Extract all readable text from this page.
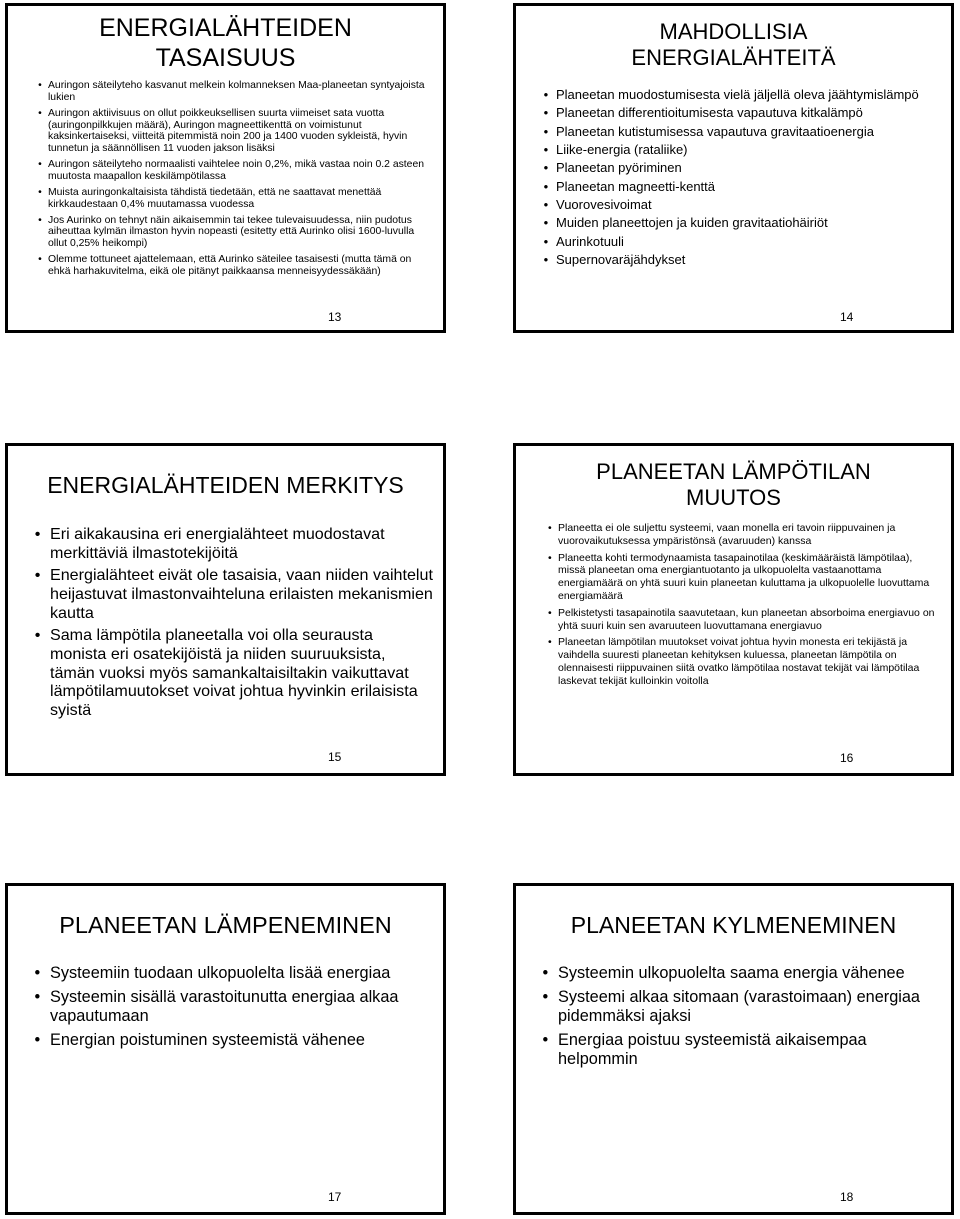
ENERGIALÄHTEIDEN
TASAISUUS
• Auringon säteilyteho kasvanut melkein kolmanneksen Maa-planeetan syntyajoista lukien
• Auringon aktiivisuus on ollut poikkeuksellisen suurta viimeiset sata vuotta (auringonpilkkujen määrä), Auringon magneettikenttä on voimistunut kaksinkertaiseksi, viitteitä pitemmistä noin 200 ja 1400 vuoden sykleistä, hyvin tunnetun ja säännöllisen 11 vuoden jakson lisäksi
• Auringon säteilyteho normaalisti vaihtelee noin 0,2%, mikä vastaa noin 0.2 asteen muutosta maapallon keskilämpötilassa
• Muista auringonkaltaisista tähdistä tiedetään, että ne saattavat menettää kirkkaudestaan 0,4% muutamassa vuodessa
• Jos Aurinko on tehnyt näin aikaisemmin tai tekee tulevaisuudessa, niin pudotus aiheuttaa kylmän ilmaston hyvin nopeasti (esitetty että Aurinko olisi 1600-luvulla ollut 0,25% heikompi)
• Olemme tottuneet ajattelemaan, että Aurinko säteilee tasaisesti (mutta tämä on ehkä harhakuvitelma, eikä ole pitänyt paikkaansa menneisyydessäkään)
13
MAHDOLLISIA
ENERGIALÄHTEITÄ
• Planeetan muodostumisesta vielä jäljellä oleva jäähtymislämpö
• Planeetan differentioitumisesta vapautuva kitkalämpö
• Planeetan kutistumisessa vapautuva gravitaatioenergia
• Liike-energia (rataliike)
• Planeetan pyöriminen
• Planeetan magneetti-kenttä
• Vuorovesivoimat
• Muiden planeettojen ja kuiden gravitaatiohäiriöt
• Aurinkotuuli
• Supernovaräjähdykset
14
ENERGIALÄHTEIDEN MERKITYS
• Eri aikakausina eri energialähteet muodostavat merkittäviä ilmastotekijöitä
• Energialähteet eivät ole tasaisia, vaan niiden vaihtelut heijastuvat ilmastonvaihteluna erilaisten mekanismien kautta
• Sama lämpötila planeetalla voi olla seurausta monista eri osatekijöistä ja niiden suuruuksista, tämän vuoksi myös samankaltaisiltakin vaikuttavat lämpötilamuutokset voivat johtua hyvinkin erilaisista syistä
15
PLANEETAN LÄMPÖTILAN
MUUTOS
• Planeetta ei ole suljettu systeemi, vaan monella eri tavoin riippuvainen ja vuorovaikutuksessa ympäristönsä (avaruuden) kanssa
• Planeetta kohti termodynaamista tasapainotilaa (keskimääräistä lämpötilaa), missä planeetan oma energiantuotanto ja ulkopuolelta vastaanottama energiamäärä on yhtä suuri kuin planeetan kuluttama ja ulkopuolelle luovuttama energiamäärä
• Pelkistetysti tasapainotila saavutetaan, kun planeetan absorboima energiavuo on yhtä suuri kuin sen avaruuteen luovuttamana energiavuo
• Planeetan lämpötilan muutokset voivat johtua hyvin monesta eri tekijästä ja vaihdella suuresti planeetan kehityksen kuluessa, planeetan lämpötila on olennaisesti riippuvainen siitä ovatko lämpötilaa nostavat tekijät vai lämpötilaa laskevat tekijät kulloinkin voitolla
16
PLANEETAN LÄMPENEMINEN
• Systeemiin tuodaan ulkopuolelta lisää energiaa
• Systeemin sisällä varastoitunutta energiaa alkaa vapautumaan
• Energian poistuminen systeemistä vähenee
17
PLANEETAN KYLMENEMINEN
• Systeemin ulkopuolelta saama energia vähenee
• Systeemi alkaa sitomaan (varastoimaan) energiaa pidemmäksi ajaksi
• Energiaa poistuu systeemistä aikaisempaa helpommin
18
